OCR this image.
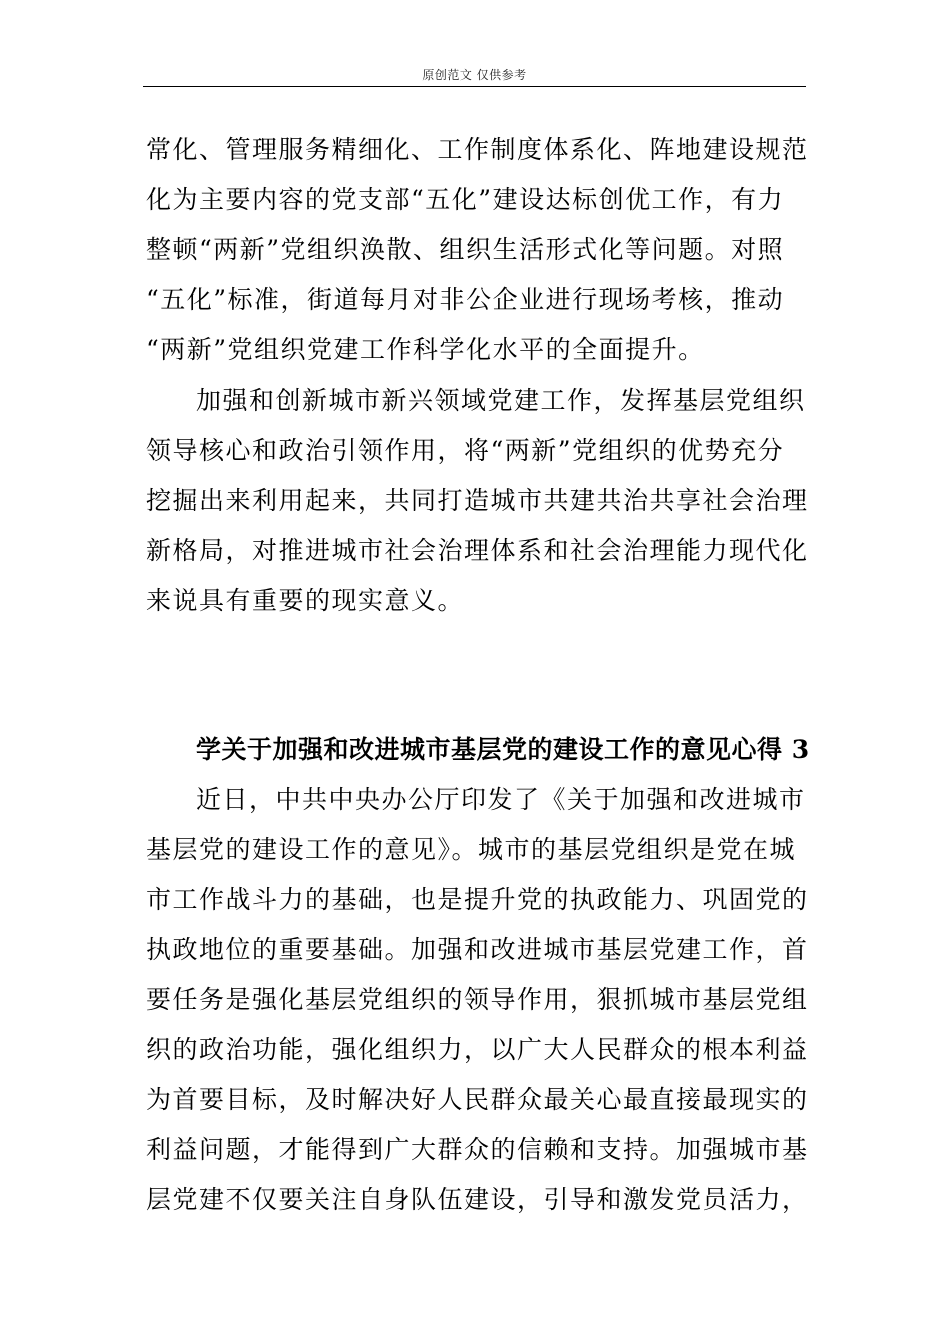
原创范文 仅供参考
常化、管理服务精细化、工作制度体系化、阵地建设规范
化为主要内容的党支部“五化”建设达标创优工作，有力
整顿“两新”党组织涣散、组织生活形式化等问题。对照
“五化”标准，街道每月对非公企业进行现场考核，推动
“两新”党组织党建工作科学化水平的全面提升。
加强和创新城市新兴领域党建工作，发挥基层党组织
领导核心和政治引领作用，将“两新”党组织的优势充分
挖掘出来利用起来，共同打造城市共建共治共享社会治理
新格局，对推进城市社会治理体系和社会治理能力现代化
来说具有重要的现实意义。
学关于加强和改进城市基层党的建设工作的意见心得 3
近日，中共中央办公厅印发了《关于加强和改进城市
基层党的建设工作的意见》。城市的基层党组织是党在城
市工作战斗力的基础，也是提升党的执政能力、巩固党的
执政地位的重要基础。加强和改进城市基层党建工作，首
要任务是强化基层党组织的领导作用，狠抓城市基层党组
织的政治功能，强化组织力，以广大人民群众的根本利益
为首要目标，及时解决好人民群众最关心最直接最现实的
利益问题，才能得到广大群众的信赖和支持。加强城市基
层党建不仅要关注自身队伍建设，引导和激发党员活力，
